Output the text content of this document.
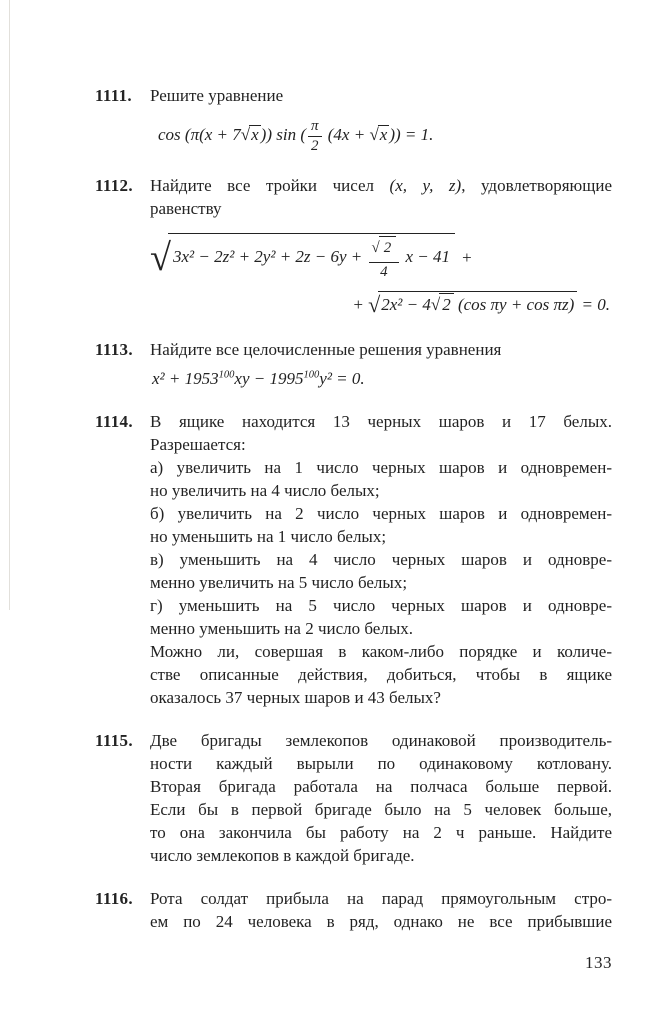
1111. Решите уравнение
cos (π(x + 7 √ x )) sin ( $\frac{\pi}{2} (4x$ + √ x )) = 1.
1112. Найдите все тройки чисел (x, y, z), удовлетворяющие
равенству
√ 3x² − 2z² + 2y² + 2z − 6y + √ $\frac{2}{4}$ x − 41 +
+ √ 2x² − 4 √ 2 (cos πy + cos πz) = 0.
1113. Найдите все целочисленные решения уравнения
$x^2 + 1953^{100}xy - 1995^{100}y^2 = 0$.
1114. В ящике находится 13 черных шаров и 17 белых.
Разрешается:
а) увеличить на 1 число черных шаров и одновремен-
но увеличить на 4 число белых;
б) увеличить на 2 число черных шаров и одновремен-
но уменьшить на 1 число белых;
в) уменьшить на 4 число черных шаров и одновре-
менно увеличить на 5 число белых;
г) уменьшить на 5 число черных шаров и одновре-
менно уменьшить на 2 число белых.
Можно ли, совершая в каком-либо порядке и количе-
стве описанные действия, добиться, чтобы в ящике
оказалось 37 черных шаров и 43 белых?
1115. Две бригады землекопов одинаковой производитель-
ности каждый вырыли по одинаковому котловану.
Вторая бригада работала на полчаса больше первой.
Если бы в первой бригаде было на 5 человек больше,
то она закончила бы работу на 2 ч раньше. Найдите
число землекопов в каждой бригаде.
1116. Рота солдат прибыла на парад прямоугольным стро-
ем по 24 человека в ряд, однако не все прибывшие
133
